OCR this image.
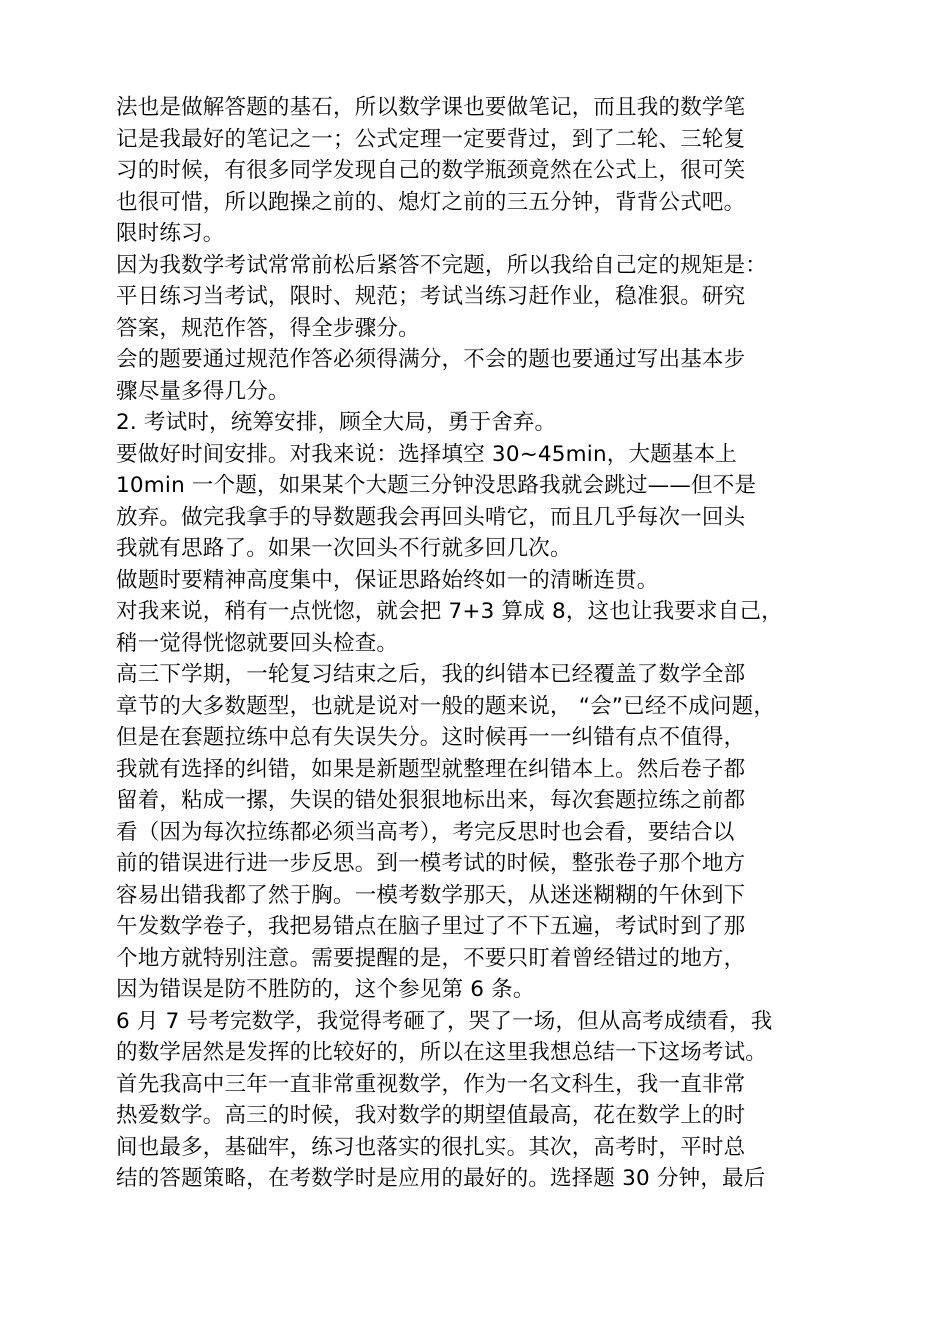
法也是做解答题的基石，所以数学课也要做笔记，而且我的数学笔
记是我最好的笔记之一；公式定理一定要背过，到了二轮、三轮复
习的时候，有很多同学发现自己的数学瓶颈竟然在公式上，很可笑
也很可惜，所以跑操之前的、熄灯之前的三五分钟，背背公式吧。
限时练习。
因为我数学考试常常前松后紧答不完题，所以我给自己定的规矩是：
平日练习当考试，限时、规范；考试当练习赶作业，稳准狠。研究
答案，规范作答，得全步骤分。
会的题要通过规范作答必须得满分，不会的题也要通过写出基本步
骤尽量多得几分。
2. 考试时，统筹安排，顾全大局，勇于舍弃。
要做好时间安排。对我来说：选择填空 30~45min，大题基本上
10min 一个题，如果某个大题三分钟没思路我就会跳过——但不是
放弃。做完我拿手的导数题我会再回头啃它，而且几乎每次一回头
我就有思路了。如果一次回头不行就多回几次。
做题时要精神高度集中，保证思路始终如一的清晰连贯。
对我来说，稍有一点恍惚，就会把 7+3 算成 8，这也让我要求自己，
稍一觉得恍惚就要回头检查。
高三下学期，一轮复习结束之后，我的纠错本已经覆盖了数学全部
章节的大多数题型，也就是说对一般的题来说， “会”已经不成问题，
但是在套题拉练中总有失误失分。这时候再一一纠错有点不值得，
我就有选择的纠错，如果是新题型就整理在纠错本上。然后卷子都
留着，粘成一摞，失误的错处狠狠地标出来，每次套题拉练之前都
看（因为每次拉练都必须当高考），考完反思时也会看，要结合以
前的错误进行进一步反思。到一模考试的时候，整张卷子那个地方
容易出错我都了然于胸。一模考数学那天，从迷迷糊糊的午休到下
午发数学卷子，我把易错点在脑子里过了不下五遍，考试时到了那
个地方就特别注意。需要提醒的是，不要只盯着曾经错过的地方，
因为错误是防不胜防的，这个参见第 6 条。
6 月 7 号考完数学，我觉得考砸了，哭了一场，但从高考成绩看，我
的数学居然是发挥的比较好的，所以在这里我想总结一下这场考试。
首先我高中三年一直非常重视数学，作为一名文科生，我一直非常
热爱数学。高三的时候，我对数学的期望值最高，花在数学上的时
间也最多，基础牢，练习也落实的很扎实。其次，高考时，平时总
结的答题策略，在考数学时是应用的最好的。选择题 30 分钟，最后
